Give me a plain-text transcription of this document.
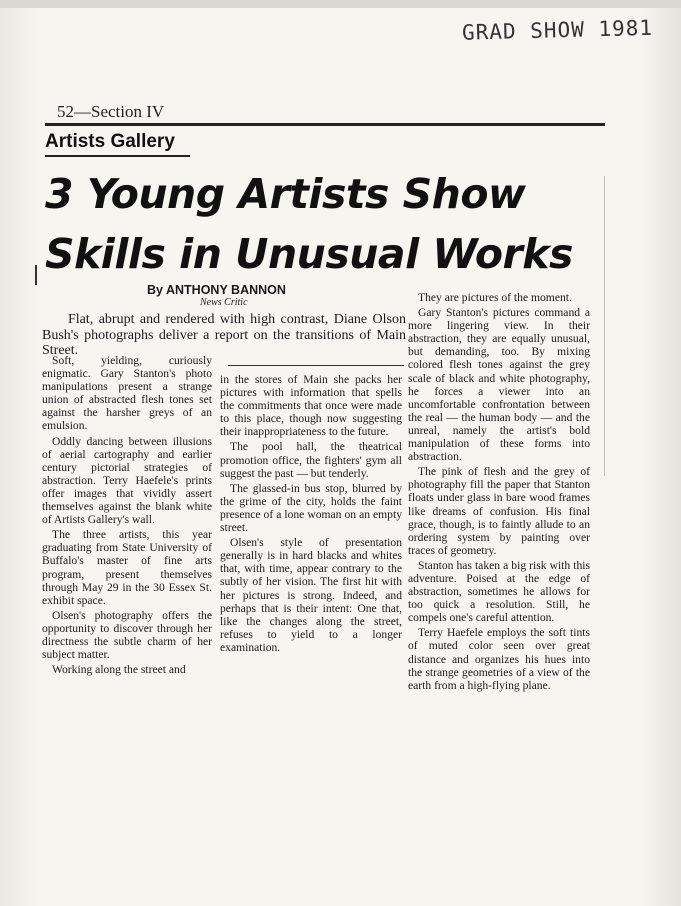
GRAD SHOW 1981
52—Section IV
Artists Gallery
3 Young Artists Show
Skills in Unusual Works
By ANTHONY BANNON
News Critic

Flat, abrupt and rendered with high contrast, Diane Olson Bush's photographs deliver a report on the transitions of Main Street.

Soft, yielding, curiously enigmatic. Gary Stanton's photo manipulations present a strange union of abstracted flesh tones set against the harsher greys of an emulsion.

Oddly dancing between illusions of aerial cartography and earlier century pictorial strategies of abstraction. Terry Haefele's prints offer images that vividly assert themselves against the blank white of Artists Gallery's wall.

The three artists, this year graduating from State University of Buffalo's master of fine arts program, present themselves through May 29 in the 30 Essex St. exhibit space.

Olsen's photography offers the opportunity to discover through her directness the subtle charm of her subject matter.

Working along the street and

in the stores of Main she packs her pictures with information that spells the commitments that once were made to this place, though now suggesting their inappropriateness to the future.

The pool hall, the theatrical promotion office, the fighters' gym all suggest the past — but tenderly.

The glassed-in bus stop, blurred by the grime of the city, holds the faint presence of a lone woman on an empty street.

Olsen's style of presentation generally is in hard blacks and whites that, with time, appear contrary to the subtly of her vision. The first hit with her pictures is strong. Indeed, and perhaps that is their intent: One that, like the changes along the street, refuses to yield to a longer examination.

They are pictures of the moment.

Gary Stanton's pictures command a more lingering view. In their abstraction, they are equally unusual, but demanding, too. By mixing colored flesh tones against the grey scale of black and white photography, he forces a viewer into an uncomfortable confrontation between the real — the human body — and the unreal, namely the artist's bold manipulation of these forms into abstraction.

The pink of flesh and the grey of photography fill the paper that Stanton floats under glass in bare wood frames like dreams of confusion. His final grace, though, is to faintly allude to an ordering system by painting over traces of geometry.

Stanton has taken a big risk with this adventure. Poised at the edge of abstraction, sometimes he allows for too quick a resolution. Still, he compels one's careful attention.

Terry Haefele employs the soft tints of muted color seen over great distance and organizes his hues into the strange geometries of a view of the earth from a high-flying plane.
